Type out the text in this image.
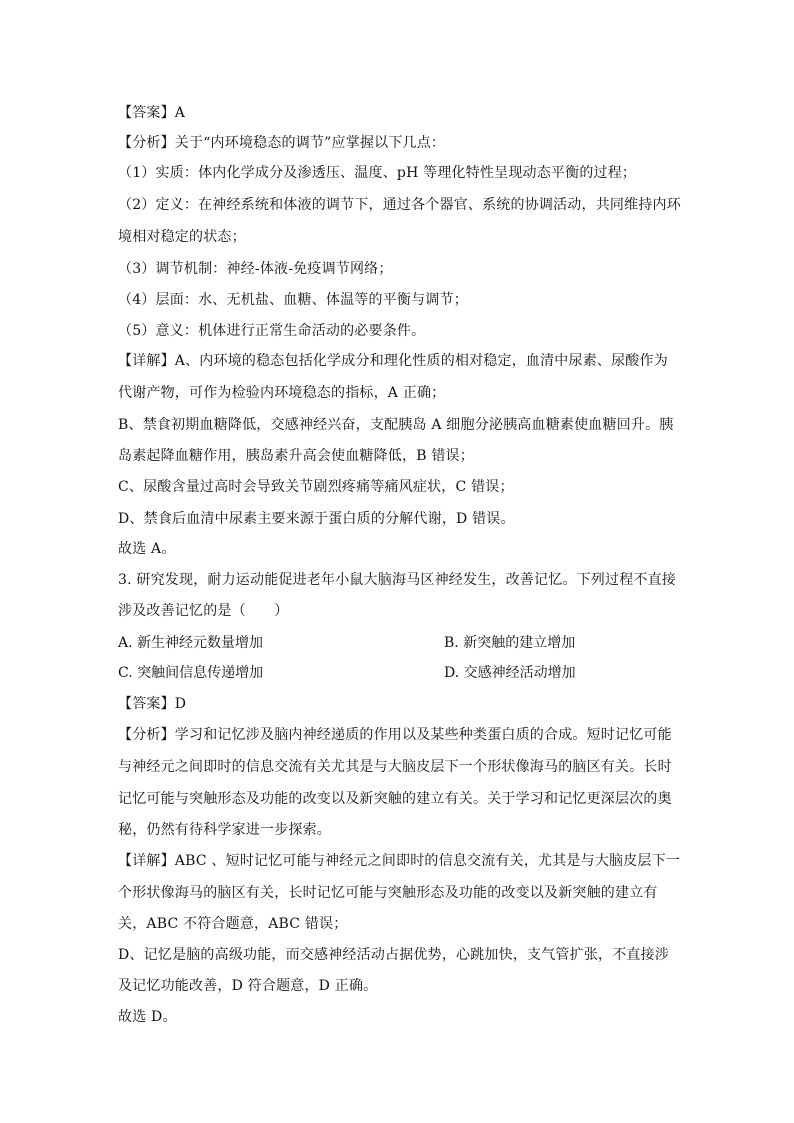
【答案】A
【分析】关于“内环境稳态的调节”应掌握以下几点：
（1）实质：体内化学成分及渗透压、温度、pH 等理化特性呈现动态平衡的过程；
（2）定义：在神经系统和体液的调节下，通过各个器官、系统的协调活动，共同维持内环
境相对稳定的状态；
（3）调节机制：神经-体液-免疫调节网络；
（4）层面：水、无机盐、血糖、体温等的平衡与调节；
（5）意义：机体进行正常生命活动的必要条件。
【详解】A、内环境的稳态包括化学成分和理化性质的相对稳定，血清中尿素、尿酸作为
代谢产物，可作为检验内环境稳态的指标，A 正确；
B、禁食初期血糖降低，交感神经兴奋，支配胰岛 A 细胞分泌胰高血糖素使血糖回升。胰
岛素起降血糖作用，胰岛素升高会使血糖降低，B 错误；
C、尿酸含量过高时会导致关节剧烈疼痛等痛风症状，C 错误；
D、禁食后血清中尿素主要来源于蛋白质的分解代谢，D 错误。
故选 A。
3. 研究发现，耐力运动能促进老年小鼠大脑海马区神经发生，改善记忆。下列过程不直接
涉及改善记忆的是（　　）
A. 新生神经元数量增加	B. 新突触的建立增加
C. 突触间信息传递增加	D. 交感神经活动增加
【答案】D
【分析】学习和记忆涉及脑内神经递质的作用以及某些种类蛋白质的合成。短时记忆可能
与神经元之间即时的信息交流有关尤其是与大脑皮层下一个形状像海马的脑区有关。长时
记忆可能与突触形态及功能的改变以及新突触的建立有关。关于学习和记忆更深层次的奥
秘，仍然有待科学家进一步探索。
【详解】ABC 、短时记忆可能与神经元之间即时的信息交流有关，尤其是与大脑皮层下一
个形状像海马的脑区有关，长时记忆可能与突触形态及功能的改变以及新突触的建立有
关，ABC 不符合题意，ABC 错误；
D、记忆是脑的高级功能，而交感神经活动占据优势，心跳加快，支气管扩张，不直接涉
及记忆功能改善，D 符合题意，D 正确。
故选 D。
